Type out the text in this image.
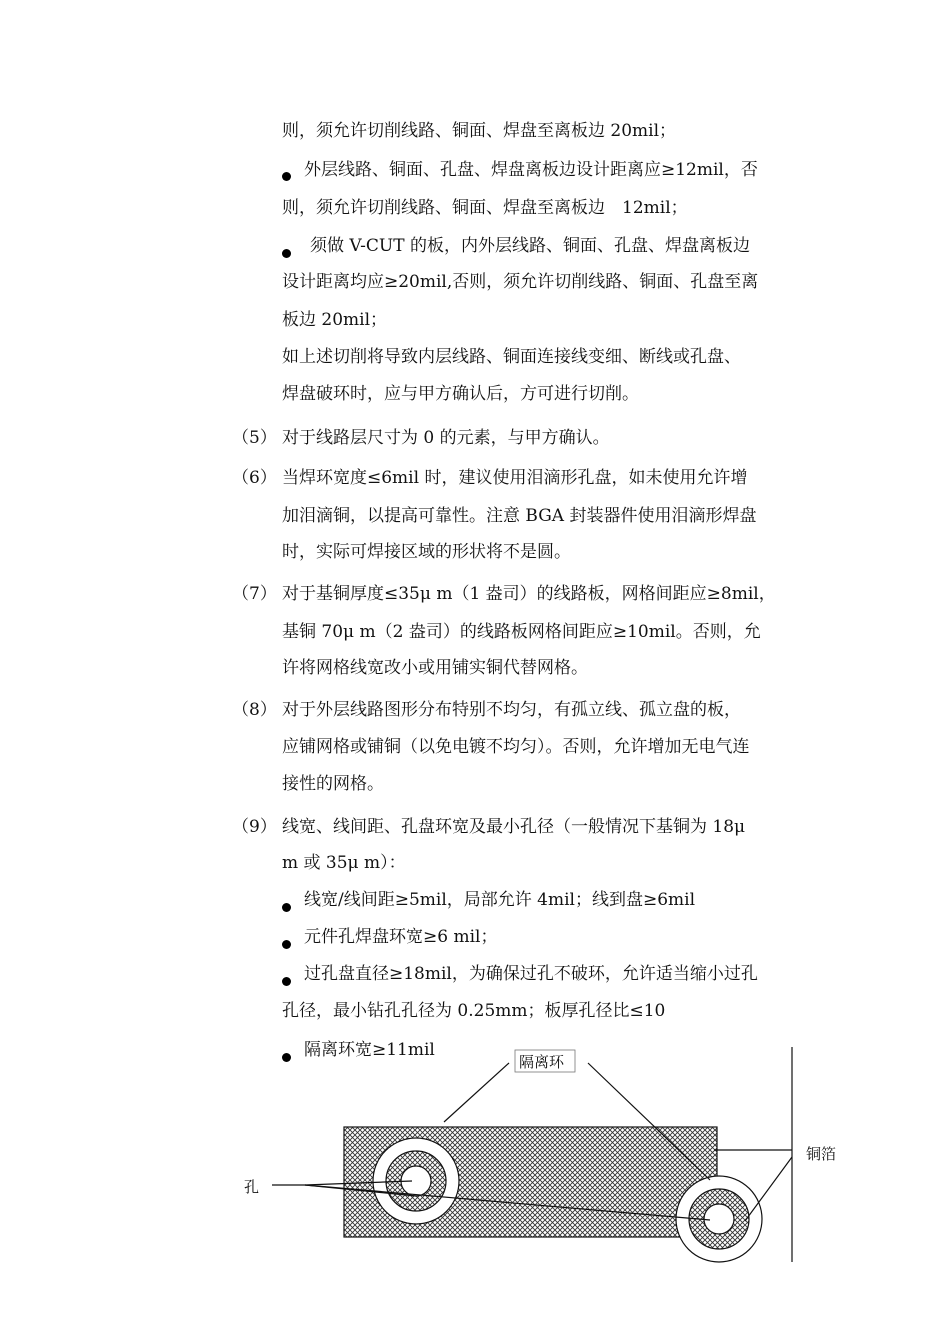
则，须允许切削线路、铜面、焊盘至离板边 20mil；
外层线路、铜面、孔盘、焊盘离板边设计距离应≥12mil，否
则，须允许切削线路、铜面、焊盘至离板边　12mil；
须做 V-CUT 的板，内外层线路、铜面、孔盘、焊盘离板边
设计距离均应≥20mil,否则，须允许切削线路、铜面、孔盘至离
板边 20mil；
如上述切削将导致内层线路、铜面连接线变细、断线或孔盘、
焊盘破环时，应与甲方确认后，方可进行切削。
（5） 对于线路层尺寸为 0 的元素，与甲方确认。
（6） 当焊环宽度≤6mil 时，建议使用泪滴形孔盘，如未使用允许增
加泪滴铜，以提高可靠性。注意 BGA 封装器件使用泪滴形焊盘
时，实际可焊接区域的形状将不是圆。
（7） 对于基铜厚度≤35μ m（1 盎司）的线路板，网格间距应≥8mil，
基铜 70μ m（2 盎司）的线路板网格间距应≥10mil。否则，允
许将网格线宽改小或用铺实铜代替网格。
（8） 对于外层线路图形分布特别不均匀，有孤立线、孤立盘的板，
应铺网格或铺铜（以免电镀不均匀）。否则，允许增加无电气连
接性的网格。
（9） 线宽、线间距、孔盘环宽及最小孔径（一般情况下基铜为 18μ
m 或 35μ m）：
线宽/线间距≥5mil，局部允许 4mil；线到盘≥6mil
元件孔焊盘环宽≥6 mil；
过孔盘直径≥18mil，为确保过孔不破环，允许适当缩小过孔
孔径，最小钻孔孔径为 0.25mm；板厚孔径比≤10
隔离环宽≥11mil
隔离环
铜箔
孔
